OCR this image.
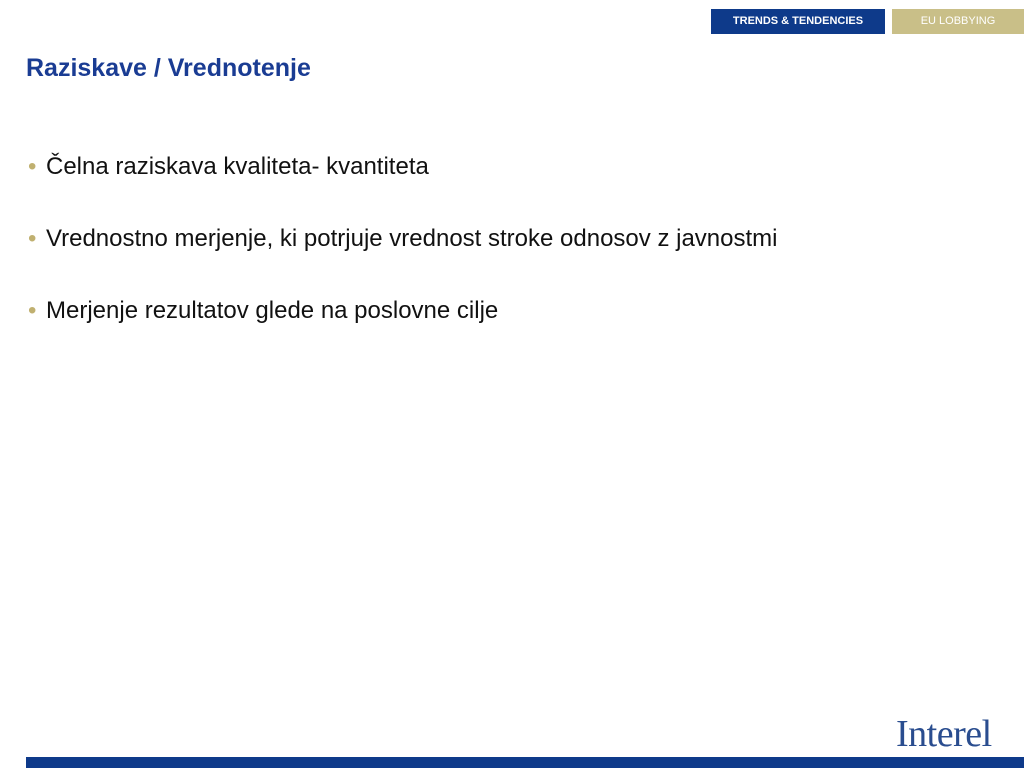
TRENDS & TENDENCIES	EU LOBBYING
Raziskave / Vrednotenje
• Čelna raziskava kvaliteta- kvantiteta
• Vrednostno merjenje, ki potrjuje vrednost stroke odnosov z javnostmi
• Merjenje rezultatov glede na poslovne cilje
Interel
